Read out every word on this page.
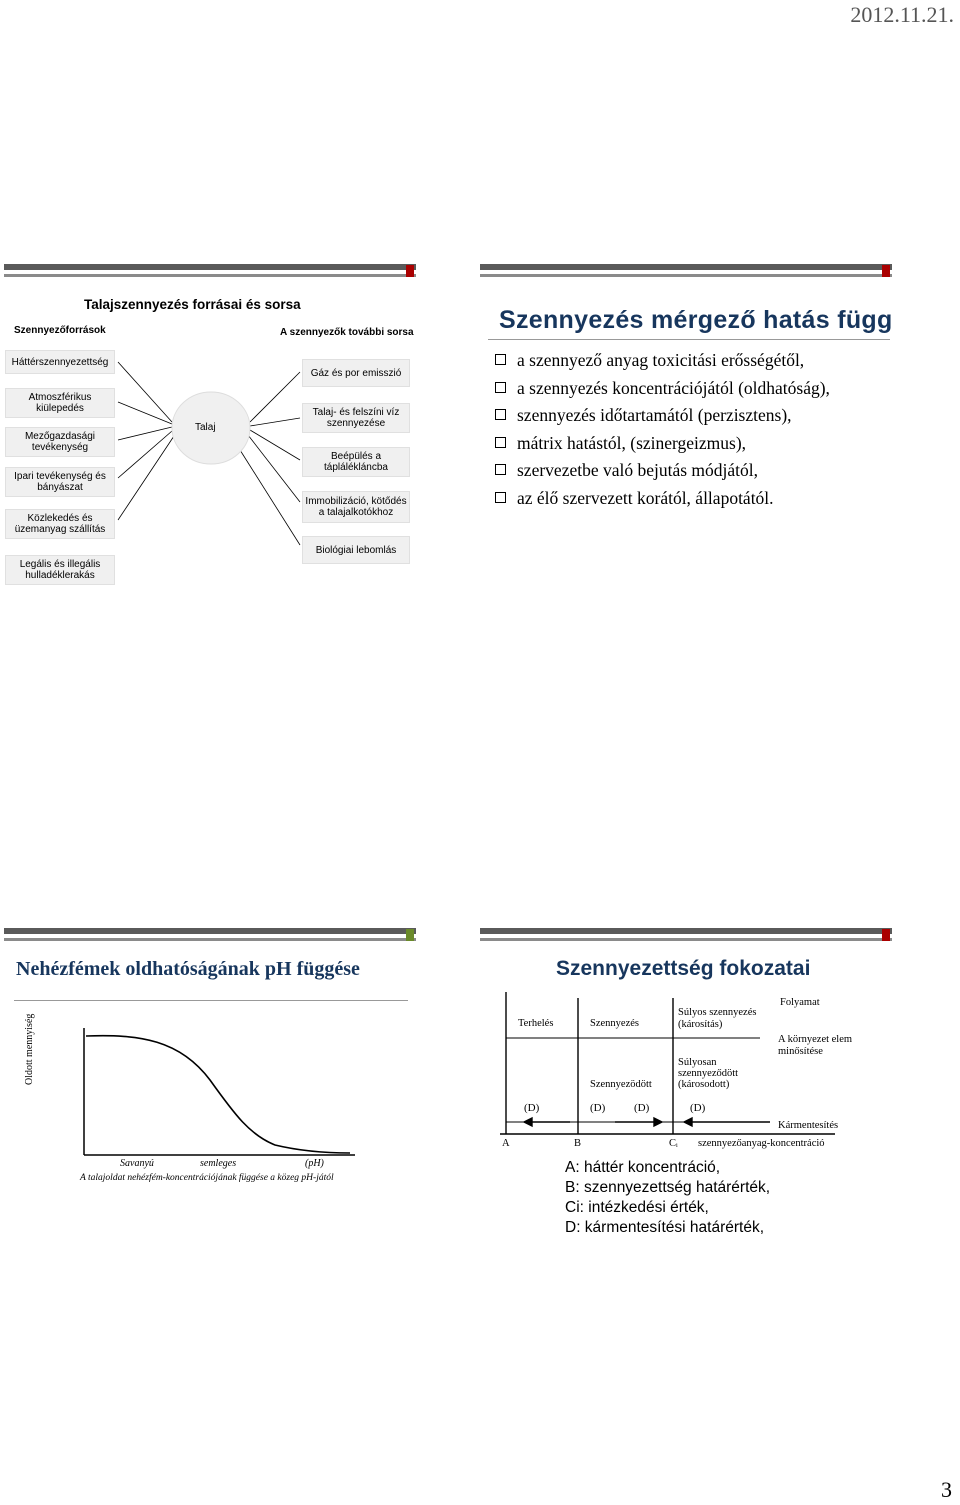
2012.11.21.
Talajszennyezés forrásai és sorsa
Szennyezőforrások	A szennyezők további sorsa
Talaj
Háttérszennyezettség
Atmoszférikus kiülepedés
Mezőgazdasági tevékenység
Ipari tevékenység és bányászat
Közlekedés és üzemanyag szállítás
Legális és illegális hulladéklerakás
Gáz és por emisszió
Talaj- és felszíni víz szennyezése
Beépülés a táplálékláncba
Immobilizáció, kötődés a talajalkotókhoz
Biológiai lebomlás
Szennyezés mérgező hatás függ
a szennyező anyag toxicitási erősségétől,
a szennyezés koncentrációjától (oldhatóság),
szennyezés időtartamától (perzisztens),
mátrix hatástól, (szinergeizmus),
szervezetbe való bejutás módjától,
az élő szervezett korától, állapotától.
Nehézfémek oldhatóságának pH függése
Oldott mennyiség
Savanyú	semleges	(pH)
A talajoldat nehézfém-koncentrációjának függése a közeg pH-jától
Szennyezettség fokozatai
Terhelés	Szennyezés
Súlyos szennyezés
(károsítás)
Folyamat
A környezet elem
minősítése
Súlyosan
szennyeződött
(károsodott)
Szennyezödött
(D)	(D)	(D)	(D)
Kármentesítés
A	B	Cᵢ szennyezőanyag-koncentráció
A: háttér koncentráció,
B: szennyezettség határérték,
Ci: intézkedési érték,
D: kármentesítési határérték,
3
